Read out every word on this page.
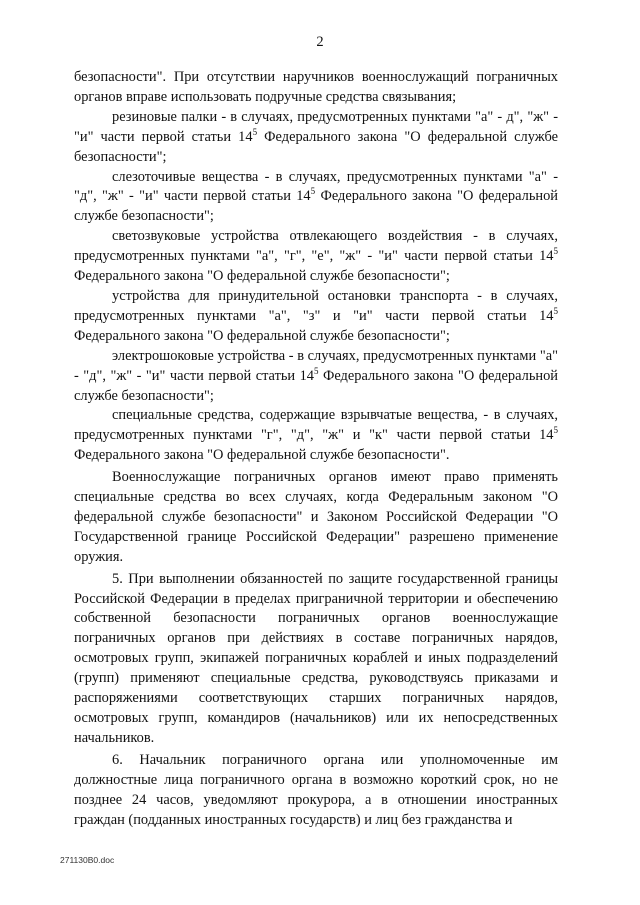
2

безопасности". При отсутствии наручников военнослужащий пограничных органов вправе использовать подручные средства связывания;

резиновые палки - в случаях, предусмотренных пунктами "а" - д", "ж" - "и" части первой статьи $14^5$ Федерального закона "О федеральной службе безопасности";

слезоточивые вещества - в случаях, предусмотренных пунктами "а" - "д", "ж" - "и" части первой статьи $14^5$ Федерального закона "О федеральной службе безопасности";

светозвуковые устройства отвлекающего воздействия - в случаях, предусмотренных пунктами "а", "г", "е", "ж" - "и" части первой статьи $14^5$ Федерального закона "О федеральной службе безопасности";

устройства для принудительной остановки транспорта - в случаях, предусмотренных пунктами "а", "з" и "и" части первой статьи $14^5$ Федерального закона "О федеральной службе безопасности";

электрошоковые устройства - в случаях, предусмотренных пунктами "а" - "д", "ж" - "и" части первой статьи $14^5$ Федерального закона "О федеральной службе безопасности";

специальные средства, содержащие взрывчатые вещества, - в случаях, предусмотренных пунктами "г", "д", "ж" и "к" части первой статьи $14^5$ Федерального закона "О федеральной службе безопасности".

Военнослужащие пограничных органов имеют право применять специальные средства во всех случаях, когда Федеральным законом "О федеральной службе безопасности" и Законом Российской Федерации "О Государственной границе Российской Федерации" разрешено применение оружия.

5. При выполнении обязанностей по защите государственной границы Российской Федерации в пределах приграничной территории и обеспечению собственной безопасности пограничных органов военнослужащие пограничных органов при действиях в составе пограничных нарядов, осмотровых групп, экипажей пограничных кораблей и иных подразделений (групп) применяют специальные средства, руководствуясь приказами и распоряжениями соответствующих старших пограничных нарядов, осмотровых групп, командиров (начальников) или их непосредственных начальников.

6. Начальник пограничного органа или уполномоченные им должностные лица пограничного органа в возможно короткий срок, но не позднее 24 часов, уведомляют прокурора, а в отношении иностранных граждан (подданных иностранных государств) и лиц без гражданства и

271130В0.doc
